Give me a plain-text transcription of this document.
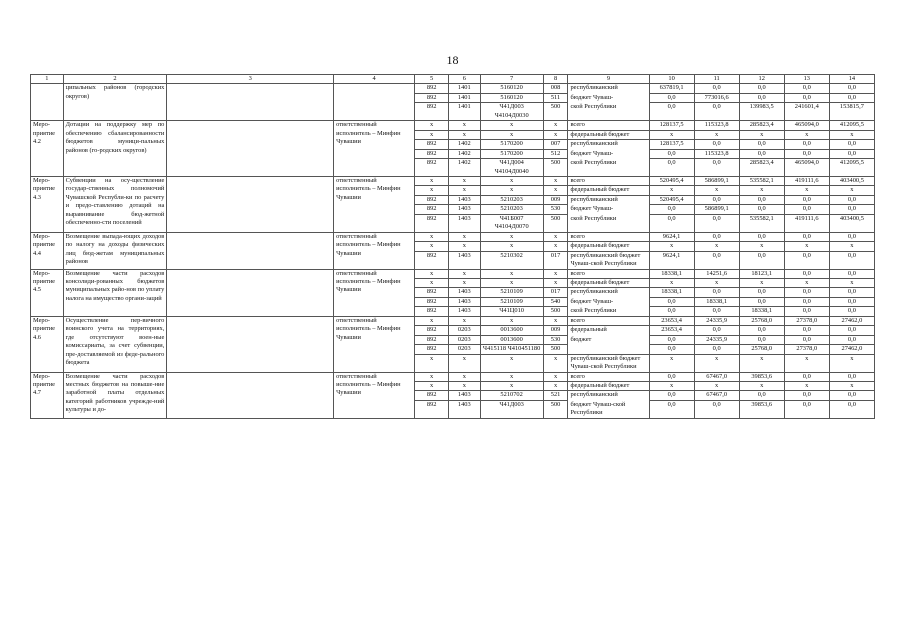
18
1	2	3	4	5	6	7	8	9	10	11	12	13	14
	ципальных районов (городских округов)			892	1401	5160120	008	республиканский	637819,1	0,0	0,0	0,0	0,0
				892	1401	5160120	511	бюджет Чуваш-	0,0	773016,6	0,0	0,0	0,0
				892	1401	Ч41Д003 Ч4104Д0030	500	ской Республики	0,0	0,0	139983,5	241601,4	153815,7
Меро-приятие 4.2	Дотации на поддержку мер по обеспечению сбалансированности бюджетов муници-пальных районов (го-родских округов)		ответственный исполнитель – Минфин Чувашии	x	x	x	x	всего	128137,5	115323,8	285823,4	465094,0	412095,5
				x	x	x	x	федеральный бюджет	x	x	x	x	x
				892	1402	5170200	007	республиканский	128137,5	0,0	0,0	0,0	0,0
				892	1402	5170200	512	бюджет Чуваш-	0,0	115323,8	0,0	0,0	0,0
				892	1402	Ч41Д004 Ч4104Д0040	500	ской Республики	0,0	0,0	285823,4	465094,0	412095,5
Меро-приятие 4.3	Субвенции на осу-ществление государ-ственных полномочий Чувашской Республи-ки по расчету и предо-ставлению дотаций на выравнивание бюд-жетной обеспеченно-сти поселений		ответственный исполнитель – Минфин Чувашии	x	x	x	x	всего	520495,4	586899,1	535582,1	419111,6	403400,5
				x	x	x	x	федеральный бюджет	x	x	x	x	x
				892	1403	5210203	009	республиканский	520495,4	0,0	0,0	0,0	0,0
				892	1403	5210203	530	бюджет Чуваш-	0,0	586899,1	0,0	0,0	0,0
				892	1403	Ч41Б007 Ч4104Д0070	500	ской Республики	0,0	0,0	535582,1	419111,6	403400,5
Меро-приятие 4.4	Возмещение выпада-ющих доходов по налогу на доходы физических лиц бюд-жетам муниципальных районов		ответственный исполнитель – Минфин Чувашии	x	x	x	x	всего	9624,1	0,0	0,0	0,0	0,0
				x	x	x	x	федеральный бюджет	x	x	x	x	x
				892	1403	5210302	017	республиканский бюджет Чуваш-ской Республики	9624,1	0,0	0,0	0,0	0,0
Меро-приятие 4.5	Возмещение части расходов консолиди-рованных бюджетов муниципальных райо-нов по уплату налога на имущество органи-заций		ответственный исполнитель – Минфин Чувашии	x	x	x	x	всего	18338,1	14251,6	18123,1	0,0	0,0
				x	x	x	x	федеральный бюджет	x	x	x	x	x
				892	1403	5210109	017	республиканский	18338,1	0,0	0,0	0,0	0,0
				892	1403	5210109	540	бюджет Чуваш-	0,0	18338,1	0,0	0,0	0,0
				892	1403	Ч41Ц010	500	ской Республики	0,0	0,0	18338,1	0,0	0,0
Меро-приятие 4.6	Осуществление пер-вичного воинского учета на территориях, где отсутствуют воен-ные комиссариаты, за счет субвенции, пре-доставляемой из феде-рального бюджета		ответственный исполнитель – Минфин Чувашии	x	x	x	x	всего	23653,4	24335,9	25768,0	27378,0	27462,0
				892	0203	0013600	009	федеральный	23653,4	0,0	0,0	0,0	0,0
				892	0203	0013600	530	бюджет	0,0	24335,9	0,0	0,0	0,0
				892	0203	Ч415118 Ч410451180	500		0,0	0,0	25768,0	27378,0	27462,0
				x	x	x	x	республиканский бюджет Чуваш-ской Республики	x	x	x	x	x
Меро-приятие 4.7	Возмещение части расходов местных бюджетов на повыше-ние заработной платы отдельных категорий работников учрежде-ний культуры и до-		ответственный исполнитель – Минфин Чувашии	x	x	x	x	всего	0,0	67467,0	39853,6	0,0	0,0
				x	x	x	x	федеральный бюджет	x	x	x	x	x
				892	1403	5210702	521	республиканский	0,0	67467,0	0,0	0,0	0,0
				892	1403	Ч41Д003	500	бюджет Чуваш-ской Республики	0,0	0,0	39853,6	0,0	0,0
